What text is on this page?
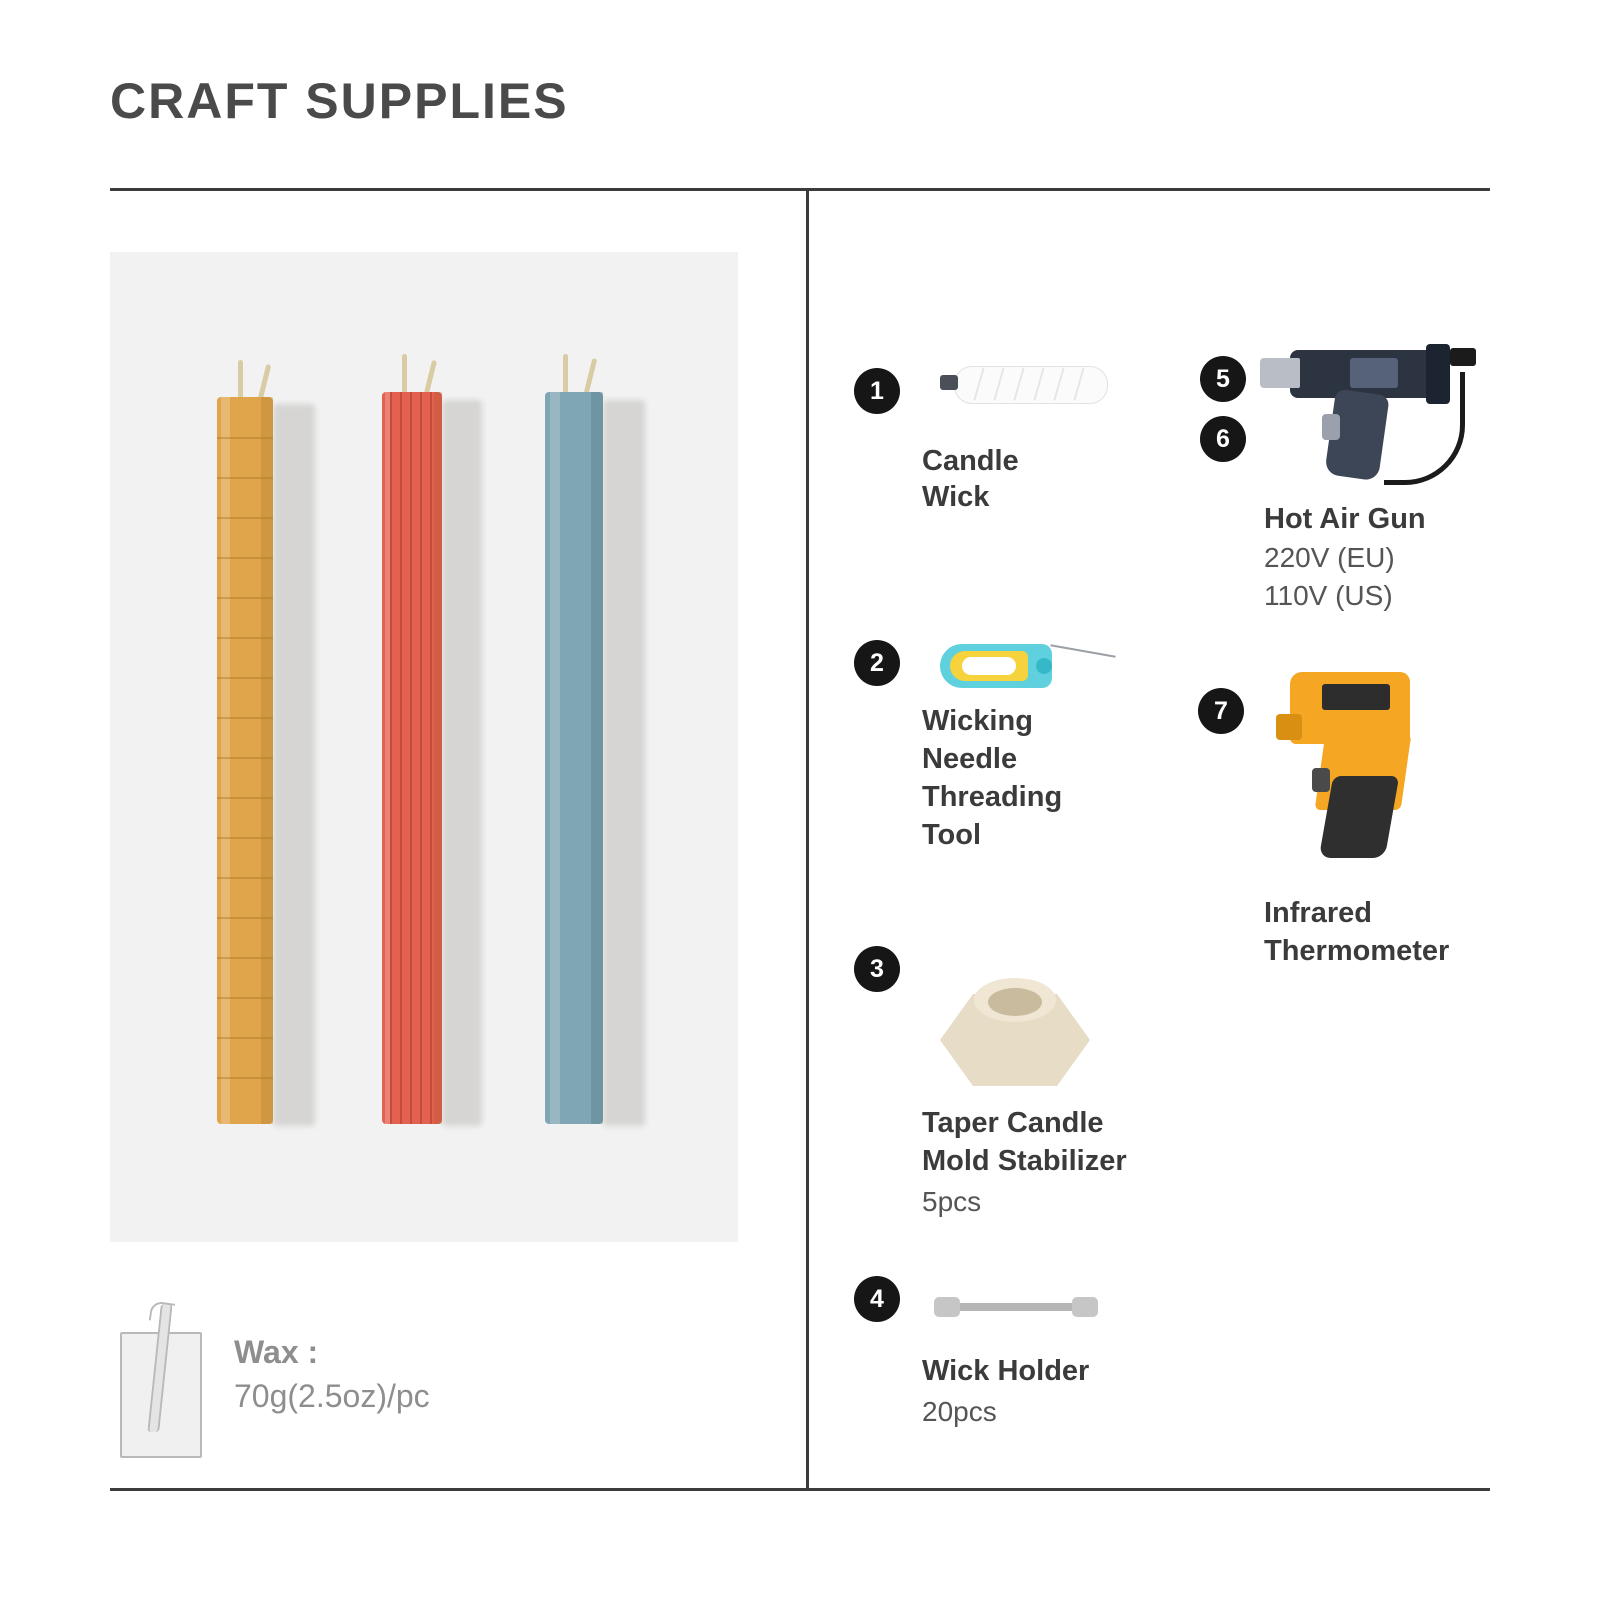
CRAFT SUPPLIES
Wax :
70g(2.5oz)/pc
1
Candle
Wick
2
Wicking
Needle
Threading
Tool
3
Taper Candle
Mold Stabilizer
5pcs
4
Wick Holder
20pcs
5
6
Hot Air Gun
220V (EU)
110V (US)
7
Infrared
Thermometer
